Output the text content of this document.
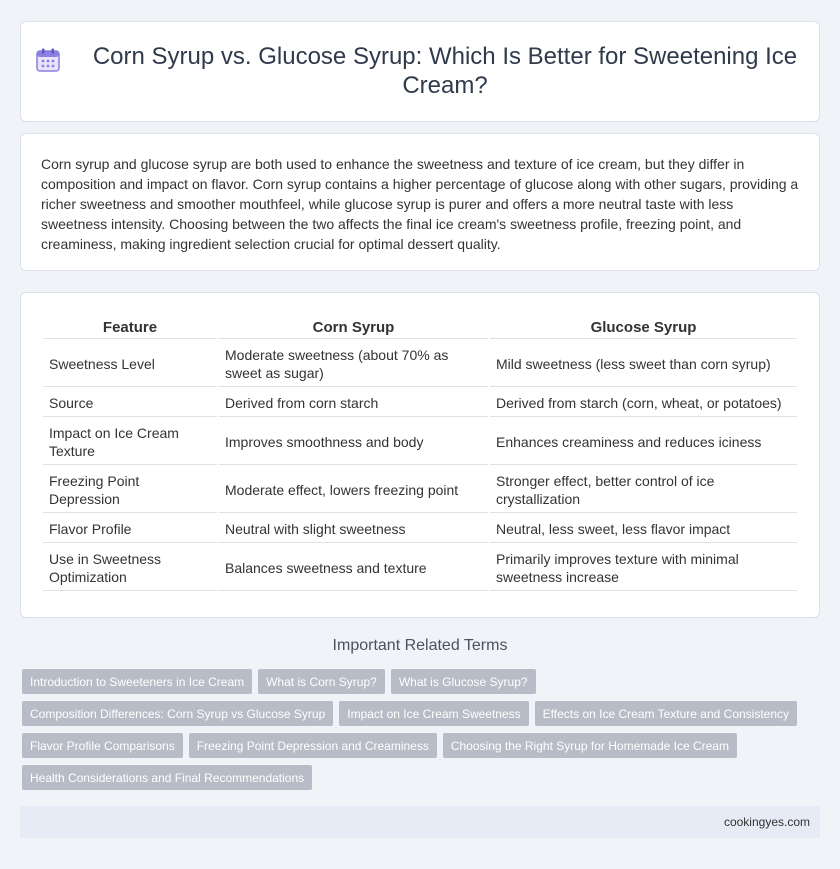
Corn Syrup vs. Glucose Syrup: Which Is Better for Sweetening Ice Cream?

Corn syrup and glucose syrup are both used to enhance the sweetness and texture of ice cream, but they differ in composition and impact on flavor. Corn syrup contains a higher percentage of glucose along with other sugars, providing a richer sweetness and smoother mouthfeel, while glucose syrup is purer and offers a more neutral taste with less sweetness intensity. Choosing between the two affects the final ice cream's sweetness profile, freezing point, and creaminess, making ingredient selection crucial for optimal dessert quality.

Feature	Corn Syrup	Glucose Syrup
Sweetness Level	Moderate sweetness (about 70% as sweet as sugar)	Mild sweetness (less sweet than corn syrup)
Source	Derived from corn starch	Derived from starch (corn, wheat, or potatoes)
Impact on Ice Cream Texture	Improves smoothness and body	Enhances creaminess and reduces iciness
Freezing Point Depression	Moderate effect, lowers freezing point	Stronger effect, better control of ice crystallization
Flavor Profile	Neutral with slight sweetness	Neutral, less sweet, less flavor impact
Use in Sweetness Optimization	Balances sweetness and texture	Primarily improves texture with minimal sweetness increase
Important Related Terms
Introduction to Sweeteners in Ice Cream What is Corn Syrup? What is Glucose Syrup?
Composition Differences: Corn Syrup vs Glucose Syrup Impact on Ice Cream Sweetness Effects on Ice Cream Texture and Consistency
Flavor Profile Comparisons Freezing Point Depression and Creaminess Choosing the Right Syrup for Homemade Ice Cream
Health Considerations and Final Recommendations
cookingyes.com
